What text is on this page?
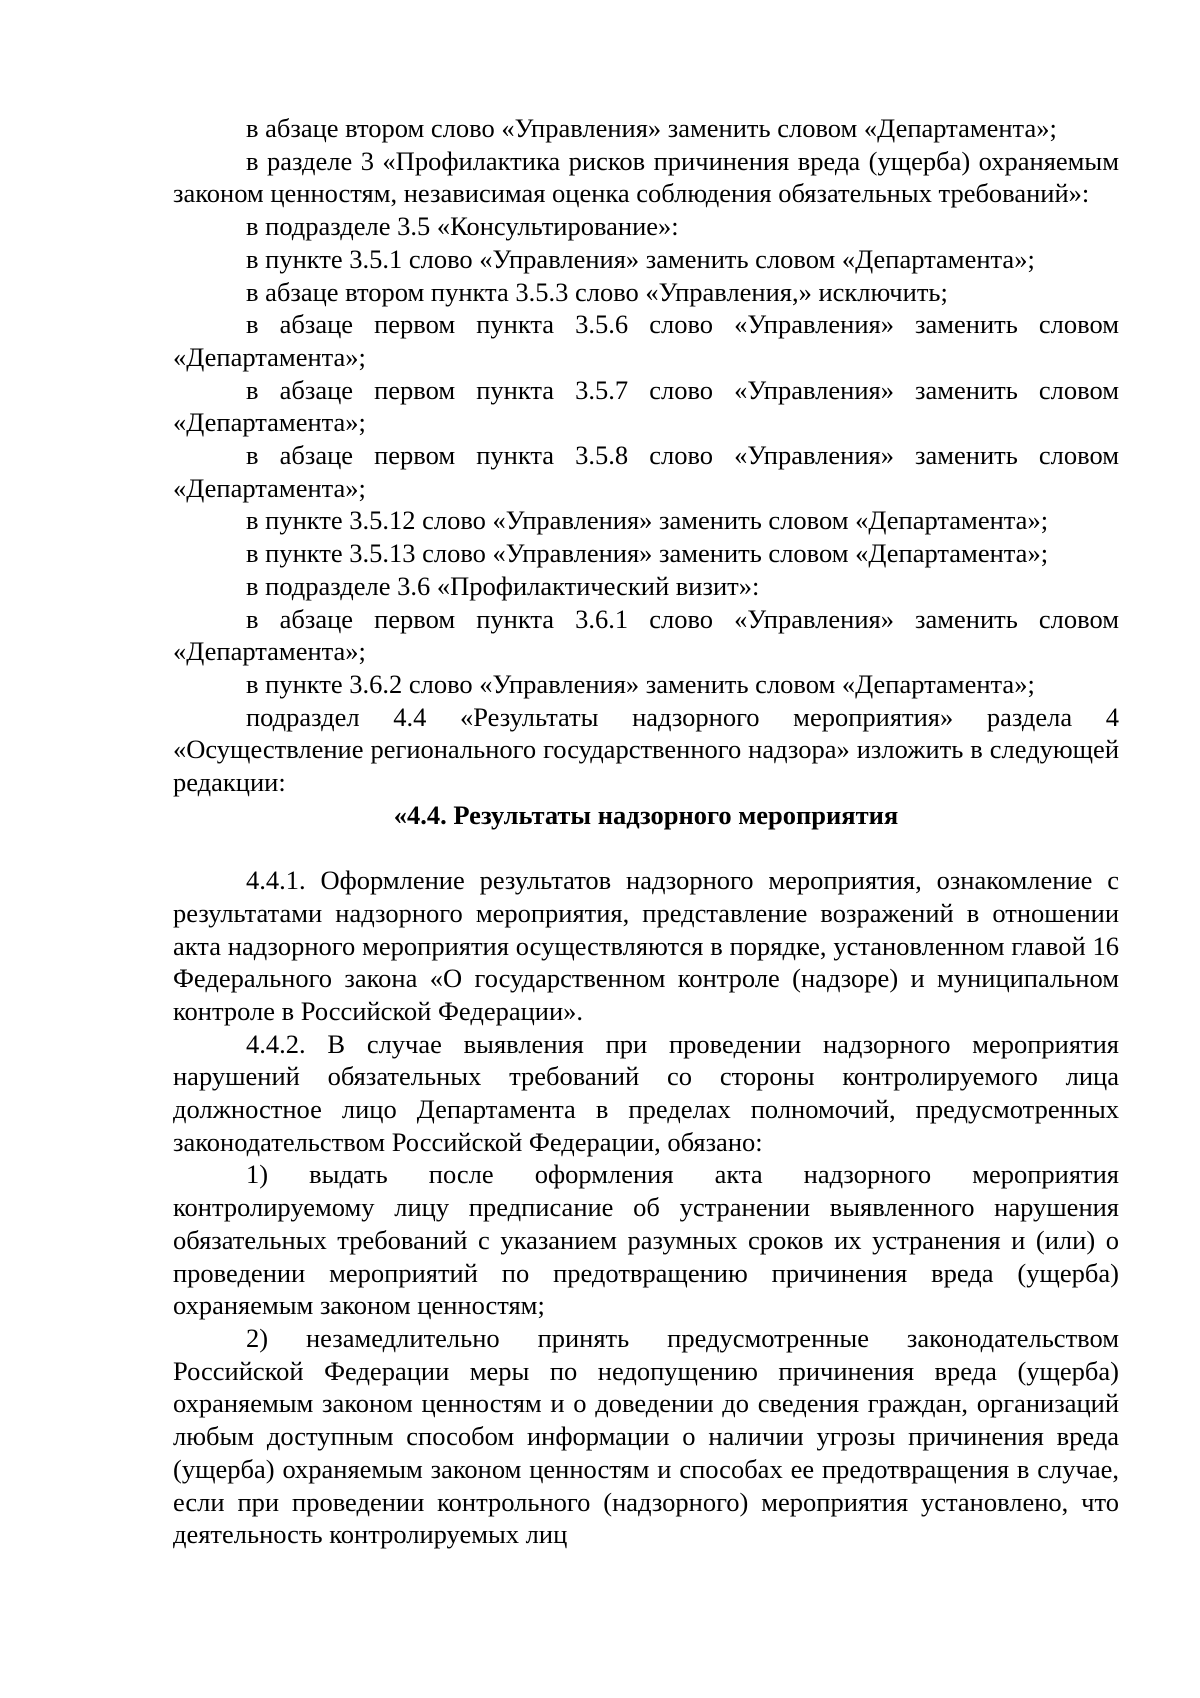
в абзаце втором слово «Управления» заменить словом «Департамента»;

в разделе 3 «Профилактика рисков причинения вреда (ущерба) охраняемым законом ценностям, независимая оценка соблюдения обязательных требований»:

в подразделе 3.5 «Консультирование»:

в пункте 3.5.1 слово «Управления» заменить словом «Департамента»;

в абзаце втором пункта 3.5.3 слово «Управления,» исключить;

в абзаце первом пункта 3.5.6 слово «Управления» заменить словом «Департамента»;

в абзаце первом пункта 3.5.7 слово «Управления» заменить словом «Департамента»;

в абзаце первом пункта 3.5.8 слово «Управления» заменить словом «Департамента»;

в пункте 3.5.12 слово «Управления» заменить словом «Департамента»;

в пункте 3.5.13 слово «Управления» заменить словом «Департамента»;

в подразделе 3.6 «Профилактический визит»:

в абзаце первом пункта 3.6.1 слово «Управления» заменить словом «Департамента»;

в пункте 3.6.2 слово «Управления» заменить словом «Департамента»;

подраздел 4.4 «Результаты надзорного мероприятия» раздела 4 «Осуществление регионального государственного надзора» изложить в следующей редакции:

«4.4. Результаты надзорного мероприятия

4.4.1. Оформление результатов надзорного мероприятия, ознакомление с результатами надзорного мероприятия, представление возражений в отношении акта надзорного мероприятия осуществляются в порядке, установленном главой 16 Федерального закона «О государственном контроле (надзоре) и муниципальном контроле в Российской Федерации».

4.4.2. В случае выявления при проведении надзорного мероприятия нарушений обязательных требований со стороны контролируемого лица должностное лицо Департамента в пределах полномочий, предусмотренных законодательством Российской Федерации, обязано:

1) выдать после оформления акта надзорного мероприятия контролируемому лицу предписание об устранении выявленного нарушения обязательных требований с указанием разумных сроков их устранения и (или) о проведении мероприятий по предотвращению причинения вреда (ущерба) охраняемым законом ценностям;

2) незамедлительно принять предусмотренные законодательством Российской Федерации меры по недопущению причинения вреда (ущерба) охраняемым законом ценностям и о доведении до сведения граждан, организаций любым доступным способом информации о наличии угрозы причинения вреда (ущерба) охраняемым законом ценностям и способах ее предотвращения в случае, если при проведении контрольного (надзорного) мероприятия установлено, что деятельность контролируемых лиц
